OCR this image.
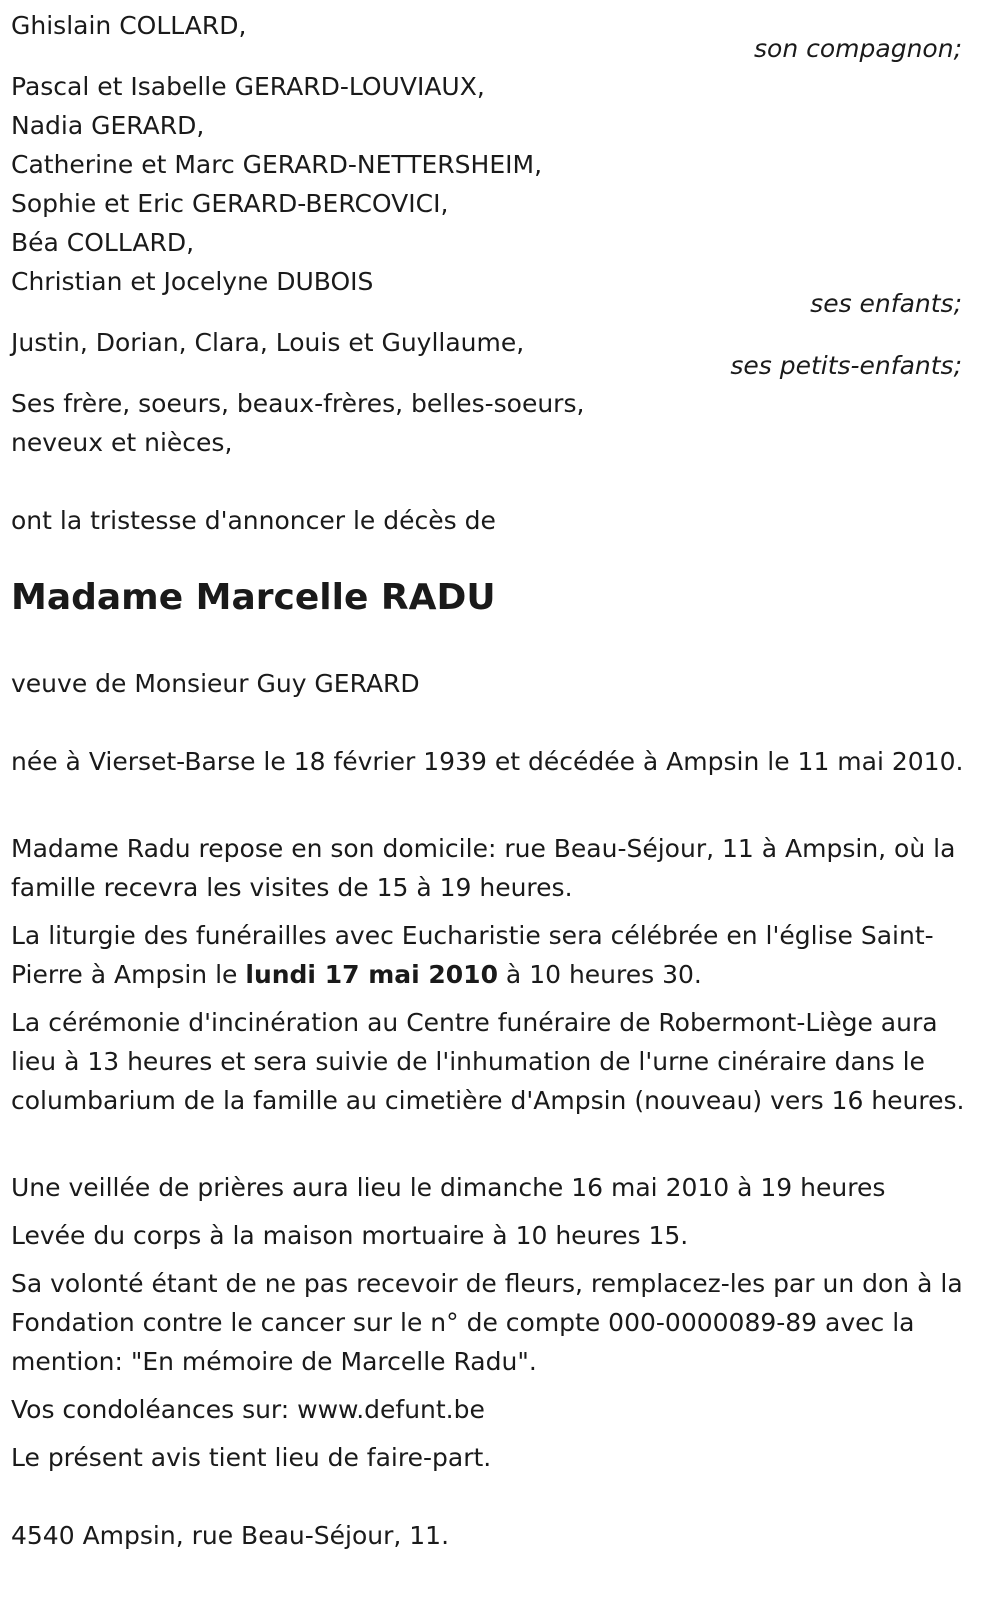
Ghislain COLLARD,
son compagnon;
Pascal et Isabelle GERARD-LOUVIAUX,
Nadia GERARD,
Catherine et Marc GERARD-NETTERSHEIM,
Sophie et Eric GERARD-BERCOVICI,
Béa COLLARD,
Christian et Jocelyne DUBOIS
ses enfants;
Justin, Dorian, Clara, Louis et Guyllaume,
ses petits-enfants;
Ses frère, soeurs, beaux-frères, belles-soeurs,
neveux et nièces,
ont la tristesse d'annoncer le décès de
Madame Marcelle RADU
veuve de Monsieur Guy GERARD
née à Vierset-Barse le 18 février 1939 et décédée à Ampsin le 11 mai 2010.
Madame Radu repose en son domicile: rue Beau-Séjour, 11 à Ampsin, où la famille recevra les visites de 15 à 19 heures.
La liturgie des funérailles avec Eucharistie sera célébrée en l'église Saint-Pierre à Ampsin le lundi 17 mai 2010 à 10 heures 30.
La cérémonie d'incinération au Centre funéraire de Robermont-Liège aura lieu à 13 heures et sera suivie de l'inhumation de l'urne cinéraire dans le columbarium de la famille au cimetière d'Ampsin (nouveau) vers 16 heures.
Une veillée de prières aura lieu le dimanche 16 mai 2010 à 19 heures
Levée du corps à la maison mortuaire à 10 heures 15.
Sa volonté étant de ne pas recevoir de fleurs, remplacez-les par un don à la Fondation contre le cancer sur le n° de compte 000-0000089-89 avec la mention: "En mémoire de Marcelle Radu".
Vos condoléances sur: www.defunt.be
Le présent avis tient lieu de faire-part.
4540 Ampsin, rue Beau-Séjour, 11.
